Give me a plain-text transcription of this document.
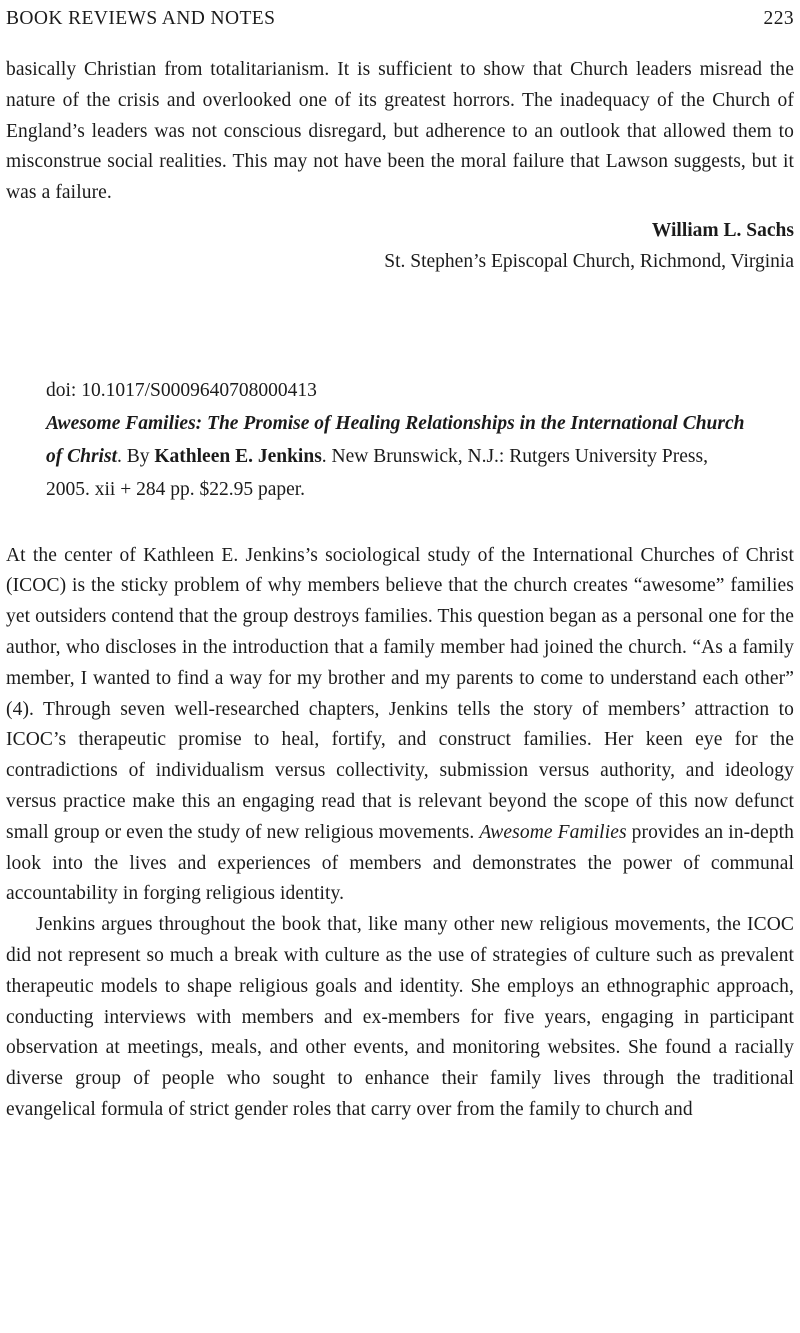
BOOK REVIEWS AND NOTES	223

basically Christian from totalitarianism. It is sufficient to show that Church leaders misread the nature of the crisis and overlooked one of its greatest horrors. The inadequacy of the Church of England’s leaders was not conscious disregard, but adherence to an outlook that allowed them to misconstrue social realities. This may not have been the moral failure that Lawson suggests, but it was a failure.

William L. Sachs

St. Stephen’s Episcopal Church, Richmond, Virginia

doi: 10.1017/S0009640708000413

Awesome Families: The Promise of Healing Relationships in the International Church of Christ. By Kathleen E. Jenkins. New Brunswick, N.J.: Rutgers University Press, 2005. xii + 284 pp. $22.95 paper.

At the center of Kathleen E. Jenkins’s sociological study of the International Churches of Christ (ICOC) is the sticky problem of why members believe that the church creates “awesome” families yet outsiders contend that the group destroys families. This question began as a personal one for the author, who discloses in the introduction that a family member had joined the church. “As a family member, I wanted to find a way for my brother and my parents to come to understand each other” (4). Through seven well-researched chapters, Jenkins tells the story of members’ attraction to ICOC’s therapeutic promise to heal, fortify, and construct families. Her keen eye for the contradictions of individualism versus collectivity, submission versus authority, and ideology versus practice make this an engaging read that is relevant beyond the scope of this now defunct small group or even the study of new religious movements. Awesome Families provides an in-depth look into the lives and experiences of members and demonstrates the power of communal accountability in forging religious identity.

Jenkins argues throughout the book that, like many other new religious movements, the ICOC did not represent so much a break with culture as the use of strategies of culture such as prevalent therapeutic models to shape religious goals and identity. She employs an ethnographic approach, conducting interviews with members and ex-members for five years, engaging in participant observation at meetings, meals, and other events, and monitoring websites. She found a racially diverse group of people who sought to enhance their family lives through the traditional evangelical formula of strict gender roles that carry over from the family to church and
